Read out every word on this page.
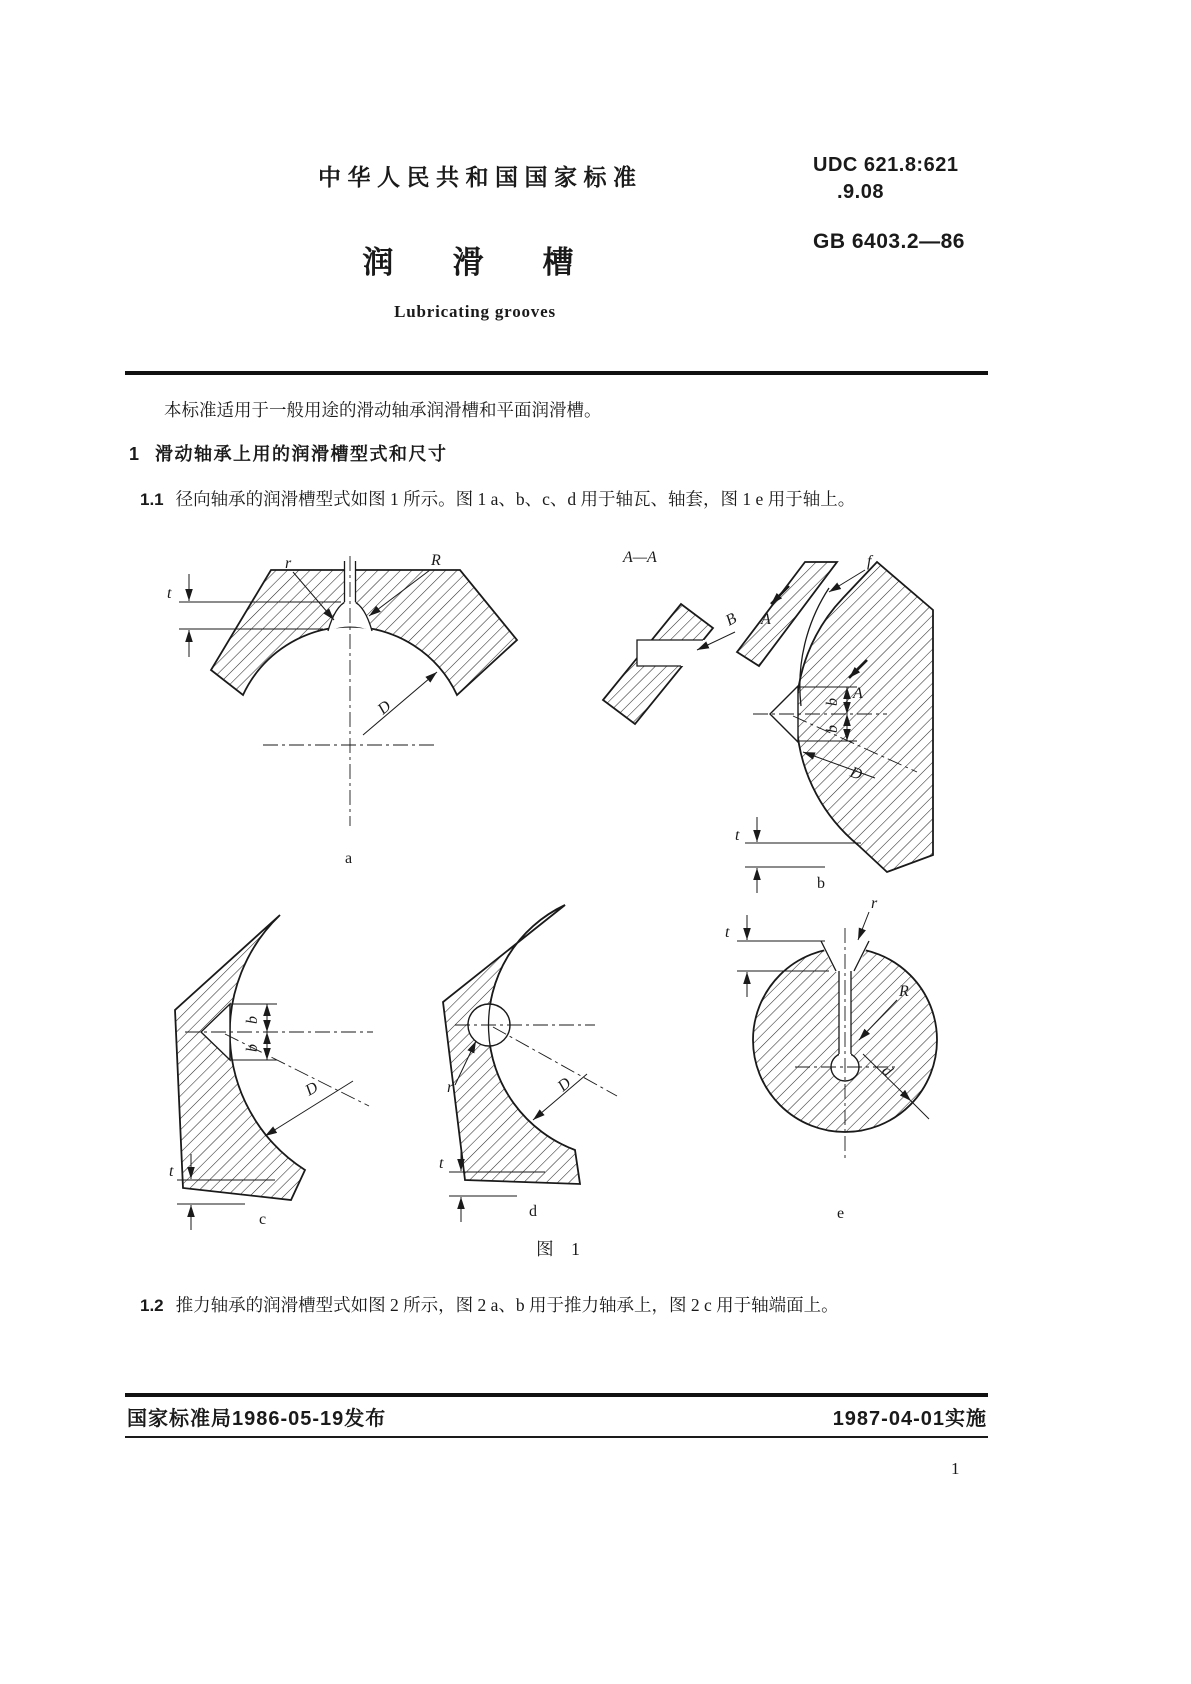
中华人民共和国国家标准	UDC 621.8:621
.9.08
GB 6403.2—86
润　滑　槽
Lubricating grooves
本标准适用于一般用途的滑动轴承润滑槽和平面润滑槽。
1 滑动轴承上用的润滑槽型式和尺寸
1.1 径向轴承的润滑槽型式如图 1 所示。图 1 a、b、c、d 用于轴瓦、轴套，图 1 e 用于轴上。
t
r	R
D
a
A—A
B A
A
f
b
b
D
t
b
b
b
D
t
c
r	D
t
d
r
t
R
d
e
图　1
1.2 推力轴承的润滑槽型式如图 2 所示，图 2 a、b 用于推力轴承上，图 2 c 用于轴端面上。
国家标准局1986-05-19发布	1987-04-01实施
1
